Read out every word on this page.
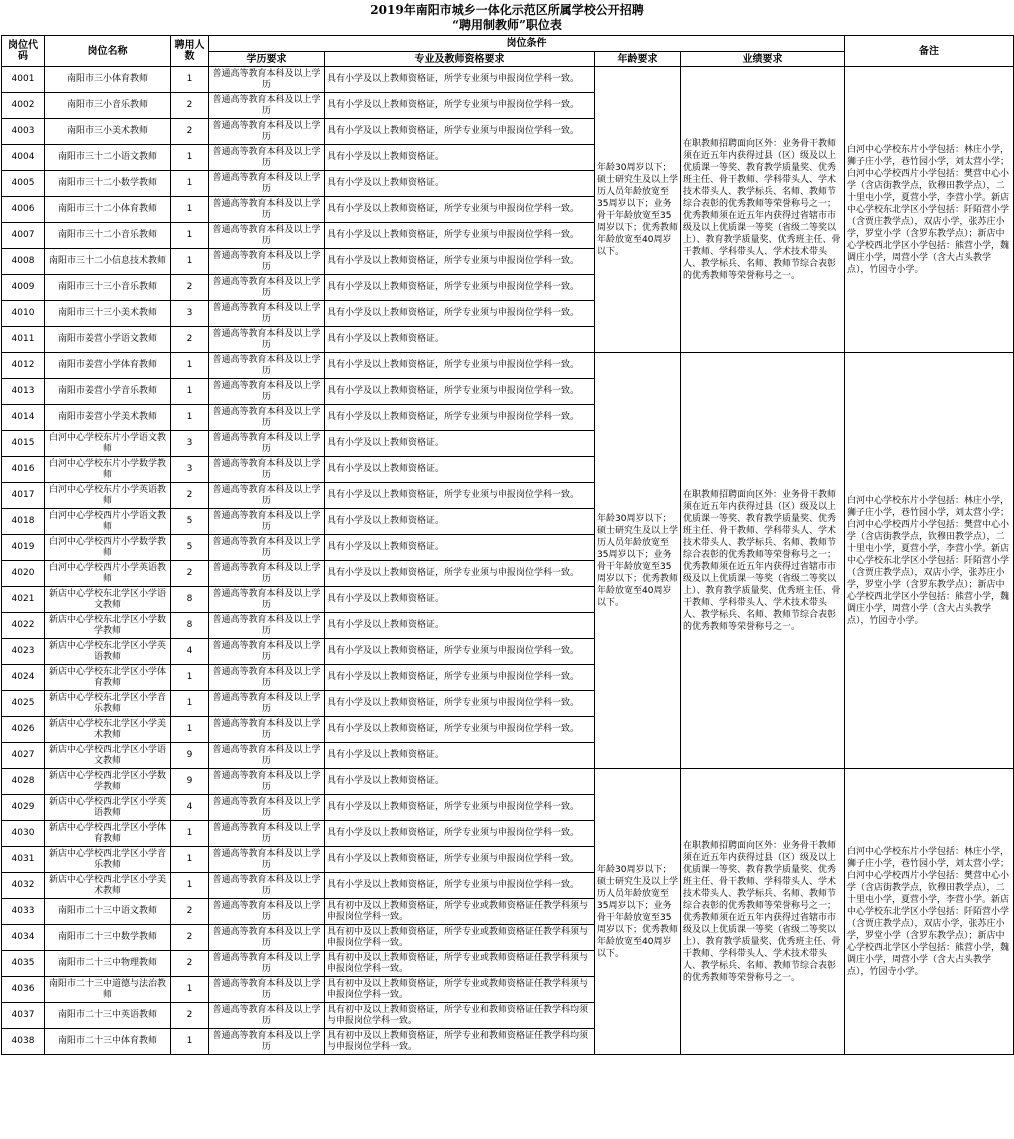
2019年南阳市城乡一体化示范区所属学校公开招聘
“聘用制教师”职位表
岗位代码	岗位名称	聘用人数	岗位条件				备注
			学历要求	专业及教师资格要求	年龄要求	业绩要求	
4001	南阳市三小体育教师	1	普通高等教育本科及以上学历	具有小学及以上教师资格证，所学专业须与申报岗位学科一致。	年龄30周岁以下；硕士研究生及以上学历人员年龄放宽至35周岁以下；业务骨干年龄放宽至35周岁以下；优秀教师年龄放宽至40周岁以下。	在职教师招聘面向区外：业务骨干教师须在近五年内获得过县（区）级及以上优质课一等奖、教育教学质量奖、优秀班主任、骨干教师、学科带头人、学术技术带头人、教学标兵、名师、教师节综合表彰的优秀教师等荣誉称号之一；优秀教师须在近五年内获得过省辖市市级及以上优质课一等奖（省级二等奖以上）、教育教学质量奖、优秀班主任、骨干教师、学科带头人、学术技术带头人、教学标兵、名师、教师节综合表彰的优秀教师等荣誉称号之一。	白河中心学校东片小学包括：林庄小学，狮子庄小学，巷竹园小学，刘太营小学；白河中心学校西片小学包括：樊营中心小学（含店街教学点，钦穆田教学点），二十里屯小学，夏营小学，李营小学。新店中心学校东北学区小学包括：阡陌营小学（含贾庄教学点），双店小学，张苏庄小学，罗堂小学（含罗东教学点）；新店中心学校西北学区小学包括：熊营小学，魏调庄小学，周营小学（含大占头教学点），竹园寺小学。
4002	南阳市三小音乐教师	2	普通高等教育本科及以上学历	具有小学及以上教师资格证，所学专业须与申报岗位学科一致。			
4003	南阳市三小美术教师	2	普通高等教育本科及以上学历	具有小学及以上教师资格证，所学专业须与申报岗位学科一致。			
4004	南阳市三十二小语文教师	1	普通高等教育本科及以上学历	具有小学及以上教师资格证。			
4005	南阳市三十二小数学教师	1	普通高等教育本科及以上学历	具有小学及以上教师资格证。			
4006	南阳市三十二小体育教师	1	普通高等教育本科及以上学历	具有小学及以上教师资格证，所学专业须与申报岗位学科一致。			
4007	南阳市三十二小音乐教师	1	普通高等教育本科及以上学历	具有小学及以上教师资格证，所学专业须与申报岗位学科一致。			
4008	南阳市三十二小信息技术教师	1	普通高等教育本科及以上学历	具有小学及以上教师资格证，所学专业须与申报岗位学科一致。			
4009	南阳市三十三小音乐教师	2	普通高等教育本科及以上学历	具有小学及以上教师资格证，所学专业须与申报岗位学科一致。			
4010	南阳市三十三小美术教师	3	普通高等教育本科及以上学历	具有小学及以上教师资格证，所学专业须与申报岗位学科一致。			
4011	南阳市姜营小学语文教师	2	普通高等教育本科及以上学历	具有小学及以上教师资格证。			
4012	南阳市姜营小学体育教师	1	普通高等教育本科及以上学历	具有小学及以上教师资格证，所学专业须与申报岗位学科一致。	年龄30周岁以下；硕士研究生及以上学历人员年龄放宽至35周岁以下；业务骨干年龄放宽至35周岁以下；优秀教师年龄放宽至40周岁以下。	在职教师招聘面向区外：业务骨干教师须在近五年内获得过县（区）级及以上优质课一等奖、教育教学质量奖、优秀班主任、骨干教师、学科带头人、学术技术带头人、教学标兵、名师、教师节综合表彰的优秀教师等荣誉称号之一；优秀教师须在近五年内获得过省辖市市级及以上优质课一等奖（省级二等奖以上）、教育教学质量奖、优秀班主任、骨干教师、学科带头人、学术技术带头人、教学标兵、名师、教师节综合表彰的优秀教师等荣誉称号之一。	白河中心学校东片小学包括：林庄小学，狮子庄小学，巷竹园小学，刘太营小学；白河中心学校西片小学包括：樊营中心小学（含店街教学点，钦穆田教学点），二十里屯小学，夏营小学，李营小学。新店中心学校东北学区小学包括：阡陌营小学（含贾庄教学点），双店小学，张苏庄小学，罗堂小学（含罗东教学点）；新店中心学校西北学区小学包括：熊营小学，魏调庄小学，周营小学（含大占头教学点），竹园寺小学。
4013	南阳市姜营小学音乐教师	1	普通高等教育本科及以上学历	具有小学及以上教师资格证，所学专业须与申报岗位学科一致。			
4014	南阳市姜营小学美术教师	1	普通高等教育本科及以上学历	具有小学及以上教师资格证，所学专业须与申报岗位学科一致。			
4015	白河中心学校东片小学语文教师	3	普通高等教育本科及以上学历	具有小学及以上教师资格证。			
4016	白河中心学校东片小学数学教师	3	普通高等教育本科及以上学历	具有小学及以上教师资格证。			
4017	白河中心学校东片小学英语教师	2	普通高等教育本科及以上学历	具有小学及以上教师资格证，所学专业须与申报岗位学科一致。			
4018	白河中心学校西片小学语文教师	5	普通高等教育本科及以上学历	具有小学及以上教师资格证。			
4019	白河中心学校西片小学数学教师	5	普通高等教育本科及以上学历	具有小学及以上教师资格证。			
4020	白河中心学校西片小学英语教师	2	普通高等教育本科及以上学历	具有小学及以上教师资格证，所学专业须与申报岗位学科一致。			
4021	新店中心学校东北学区小学语文教师	8	普通高等教育本科及以上学历	具有小学及以上教师资格证。			
4022	新店中心学校东北学区小学数学教师	8	普通高等教育本科及以上学历	具有小学及以上教师资格证。			
4023	新店中心学校东北学区小学英语教师	4	普通高等教育本科及以上学历	具有小学及以上教师资格证，所学专业须与申报岗位学科一致。			
4024	新店中心学校东北学区小学体育教师	1	普通高等教育本科及以上学历	具有小学及以上教师资格证，所学专业须与申报岗位学科一致。			
4025	新店中心学校东北学区小学音乐教师	1	普通高等教育本科及以上学历	具有小学及以上教师资格证，所学专业须与申报岗位学科一致。			
4026	新店中心学校东北学区小学美术教师	1	普通高等教育本科及以上学历	具有小学及以上教师资格证，所学专业须与申报岗位学科一致。			
4027	新店中心学校西北学区小学语文教师	9	普通高等教育本科及以上学历	具有小学及以上教师资格证。			
4028	新店中心学校西北学区小学数学教师	9	普通高等教育本科及以上学历	具有小学及以上教师资格证。	年龄30周岁以下；硕士研究生及以上学历人员年龄放宽至35周岁以下；业务骨干年龄放宽至35周岁以下；优秀教师年龄放宽至40周岁以下。	在职教师招聘面向区外：业务骨干教师须在近五年内获得过县（区）级及以上优质课一等奖、教育教学质量奖、优秀班主任、骨干教师、学科带头人、学术技术带头人、教学标兵、名师、教师节综合表彰的优秀教师等荣誉称号之一；优秀教师须在近五年内获得过省辖市市级及以上优质课一等奖（省级二等奖以上）、教育教学质量奖、优秀班主任、骨干教师、学科带头人、学术技术带头人、教学标兵、名师、教师节综合表彰的优秀教师等荣誉称号之一。	白河中心学校东片小学包括：林庄小学，狮子庄小学，巷竹园小学，刘太营小学；白河中心学校西片小学包括：樊营中心小学（含店街教学点，钦穆田教学点），二十里屯小学，夏营小学，李营小学。新店中心学校东北学区小学包括：阡陌营小学（含贾庄教学点），双店小学，张苏庄小学，罗堂小学（含罗东教学点）；新店中心学校西北学区小学包括：熊营小学，魏调庄小学，周营小学（含大占头教学点），竹园寺小学。
4029	新店中心学校西北学区小学英语教师	4	普通高等教育本科及以上学历	具有小学及以上教师资格证，所学专业须与申报岗位学科一致。			
4030	新店中心学校西北学区小学体育教师	1	普通高等教育本科及以上学历	具有小学及以上教师资格证，所学专业须与申报岗位学科一致。			
4031	新店中心学校西北学区小学音乐教师	1	普通高等教育本科及以上学历	具有小学及以上教师资格证，所学专业须与申报岗位学科一致。			
4032	新店中心学校西北学区小学美术教师	1	普通高等教育本科及以上学历	具有小学及以上教师资格证，所学专业须与申报岗位学科一致。			
4033	南阳市二十三中语文教师	2	普通高等教育本科及以上学历	具有初中及以上教师资格证，所学专业或教师资格证任教学科须与申报岗位学科一致。			
4034	南阳市二十三中数学教师	2	普通高等教育本科及以上学历	具有初中及以上教师资格证，所学专业或教师资格证任教学科须与申报岗位学科一致。			
4035	南阳市二十三中物理教师	2	普通高等教育本科及以上学历	具有初中及以上教师资格证，所学专业或教师资格证任教学科须与申报岗位学科一致。			
4036	南阳市二十三中道德与法治教师	1	普通高等教育本科及以上学历	具有初中及以上教师资格证，所学专业或教师资格证任教学科须与申报岗位学科一致。			
4037	南阳市二十三中英语教师	2	普通高等教育本科及以上学历	具有初中及以上教师资格证，所学专业和教师资格证任教学科均须与申报岗位学科一致。			
4038	南阳市二十三中体育教师	1	普通高等教育本科及以上学历	具有初中及以上教师资格证，所学专业和教师资格证任教学科均须与申报岗位学科一致。			
